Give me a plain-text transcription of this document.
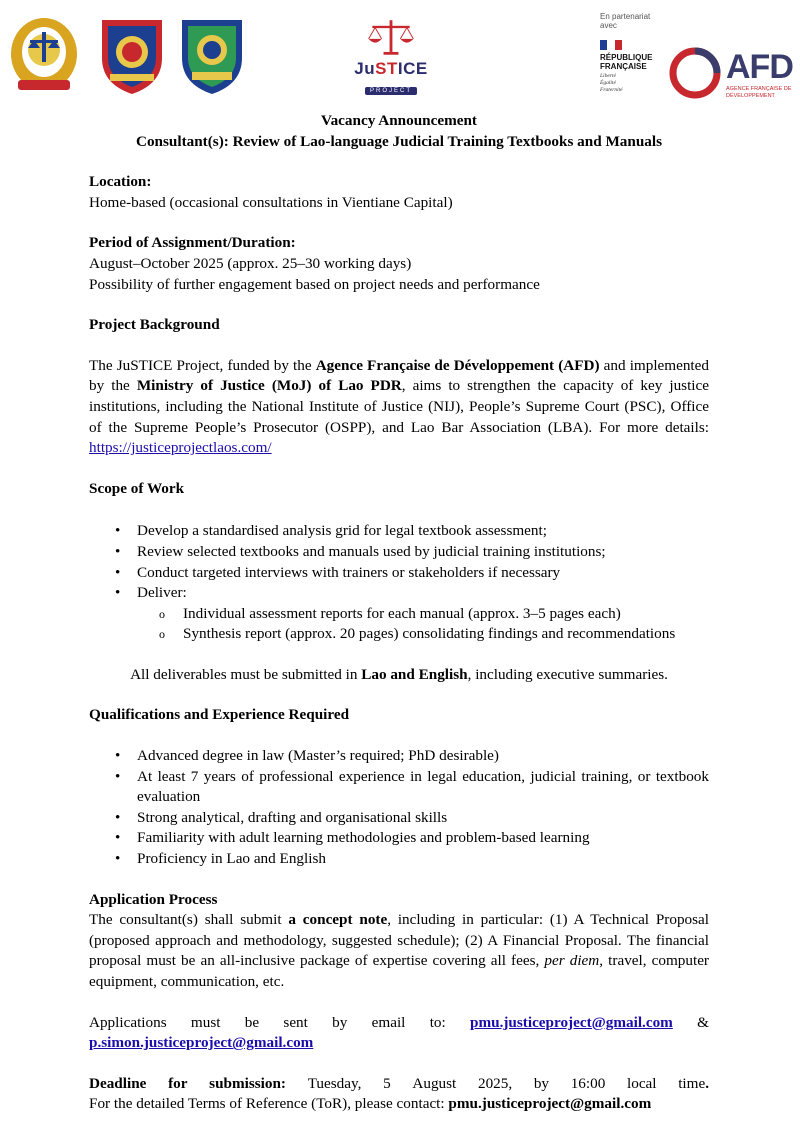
JuSTICE
PROJECT
En partenariat
avec
RÉPUBLIQUE
FRANÇAISE
Liberté
Égalité
Fraternité
AFD
AGENCE FRANÇAISE DE DÉVELOPPEMENT

Vacancy Announcement

Consultant(s): Review of Lao-language Judicial Training Textbooks and Manuals

Location:

Home-based (occasional consultations in Vientiane Capital)

Period of Assignment/Duration:

August–October 2025 (approx. 25–30 working days)

Possibility of further engagement based on project needs and performance

Project Background

The JuSTICE Project, funded by the Agence Française de Développement (AFD) and implemented by the Ministry of Justice (MoJ) of Lao PDR, aims to strengthen the capacity of key justice institutions, including the National Institute of Justice (NIJ), People’s Supreme Court (PSC), Office of the Supreme People’s Prosecutor (OSPP), and Lao Bar Association (LBA). For more details: https://justiceprojectlaos.com/

Scope of Work

• Develop a standardised analysis grid for legal textbook assessment;
• Review selected textbooks and manuals used by judicial training institutions;
• Conduct targeted interviews with trainers or stakeholders if necessary
• Deliver:
o Individual assessment reports for each manual (approx. 3–5 pages each)
o Synthesis report (approx. 20 pages) consolidating findings and recommendations

All deliverables must be submitted in Lao and English, including executive summaries.

Qualifications and Experience Required

• Advanced degree in law (Master’s required; PhD desirable)
• At least 7 years of professional experience in legal education, judicial training, or textbook evaluation
• Strong analytical, drafting and organisational skills
• Familiarity with adult learning methodologies and problem-based learning
• Proficiency in Lao and English

Application Process

The consultant(s) shall submit a concept note, including in particular: (1) A Technical Proposal (proposed approach and methodology, suggested schedule); (2) A Financial Proposal. The financial proposal must be an all-inclusive package of expertise covering all fees, per diem, travel, computer equipment, communication, etc.

Applications must be sent by email to: pmu.justiceproject@gmail.com &

p.simon.justiceproject@gmail.com

Deadline for submission: Tuesday, 5 August 2025, by 16:00 local time.

For the detailed Terms of Reference (ToR), please contact: pmu.justiceproject@gmail.com
